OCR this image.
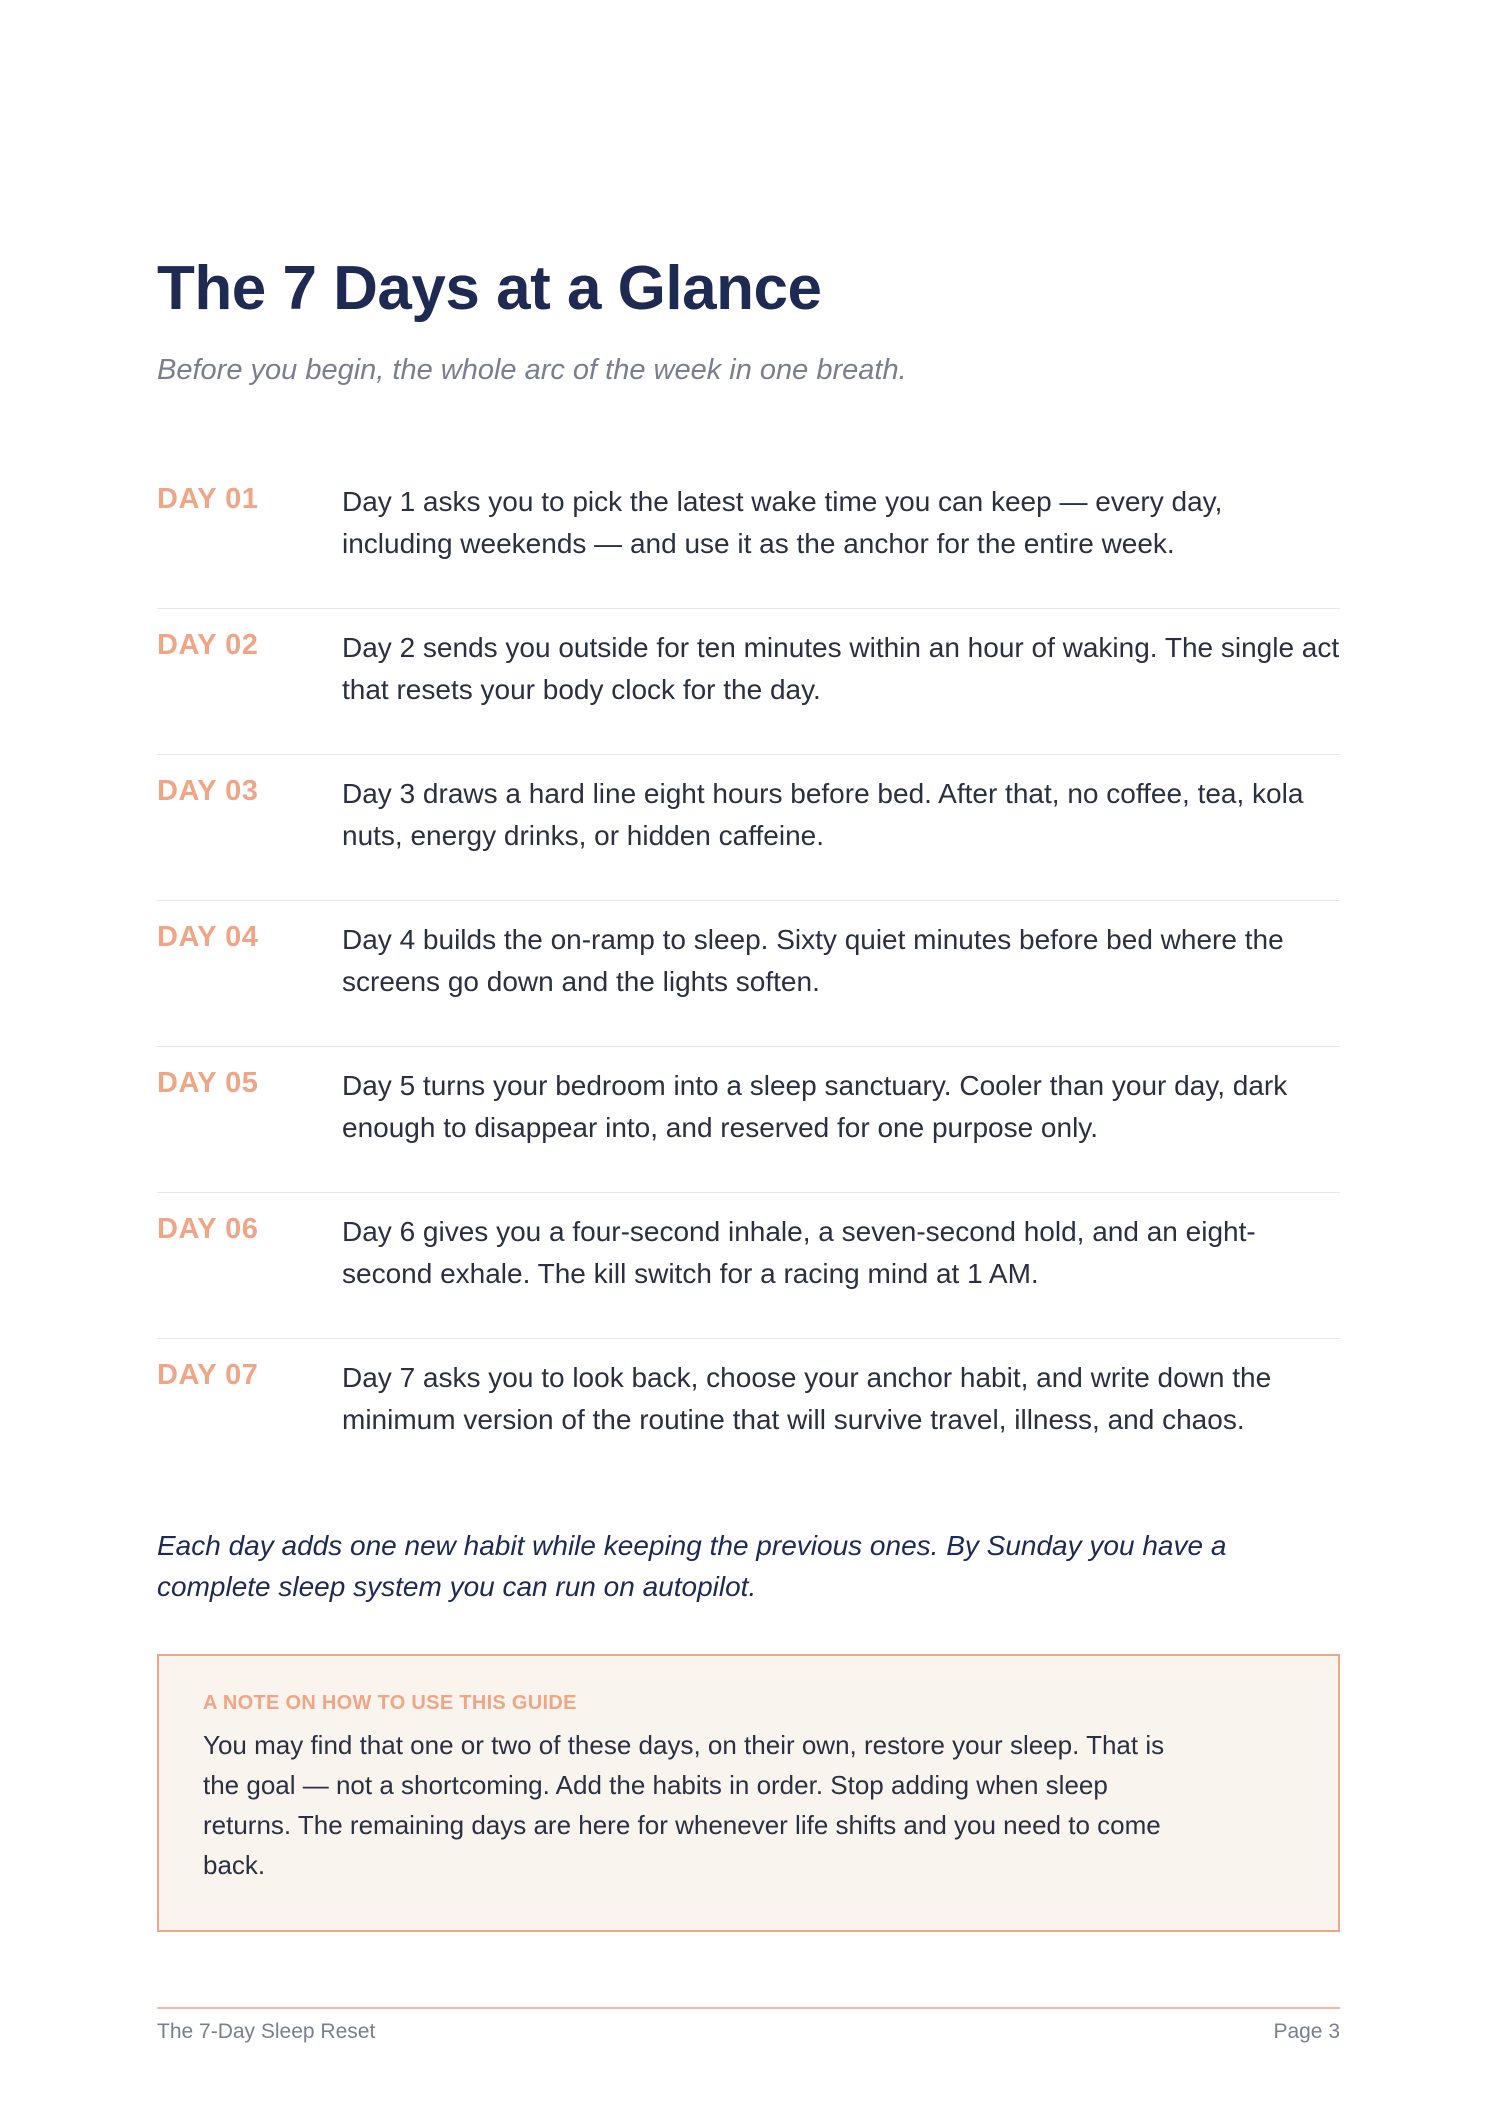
The 7 Days at a Glance

Before you begin, the whole arc of the week in one breath.

DAY 01	Day 1 asks you to pick the latest wake time you can keep — every day, including weekends — and use it as the anchor for the entire week.
DAY 02	Day 2 sends you outside for ten minutes within an hour of waking. The single act that resets your body clock for the day.
DAY 03	Day 3 draws a hard line eight hours before bed. After that, no coffee, tea, kola nuts, energy drinks, or hidden caffeine.
DAY 04	Day 4 builds the on-ramp to sleep. Sixty quiet minutes before bed where the screens go down and the lights soften.
DAY 05	Day 5 turns your bedroom into a sleep sanctuary. Cooler than your day, dark enough to disappear into, and reserved for one purpose only.
DAY 06	Day 6 gives you a four-second inhale, a seven-second hold, and an eight-second exhale. The kill switch for a racing mind at 1 AM.
DAY 07	Day 7 asks you to look back, choose your anchor habit, and write down the minimum version of the routine that will survive travel, illness, and chaos.

Each day adds one new habit while keeping the previous ones. By Sunday you have a complete sleep system you can run on autopilot.

A NOTE ON HOW TO USE THIS GUIDE

You may find that one or two of these days, on their own, restore your sleep. That is the goal — not a shortcoming. Add the habits in order. Stop adding when sleep returns. The remaining days are here for whenever life shifts and you need to come back.

The 7-Day Sleep Reset	Page 3
